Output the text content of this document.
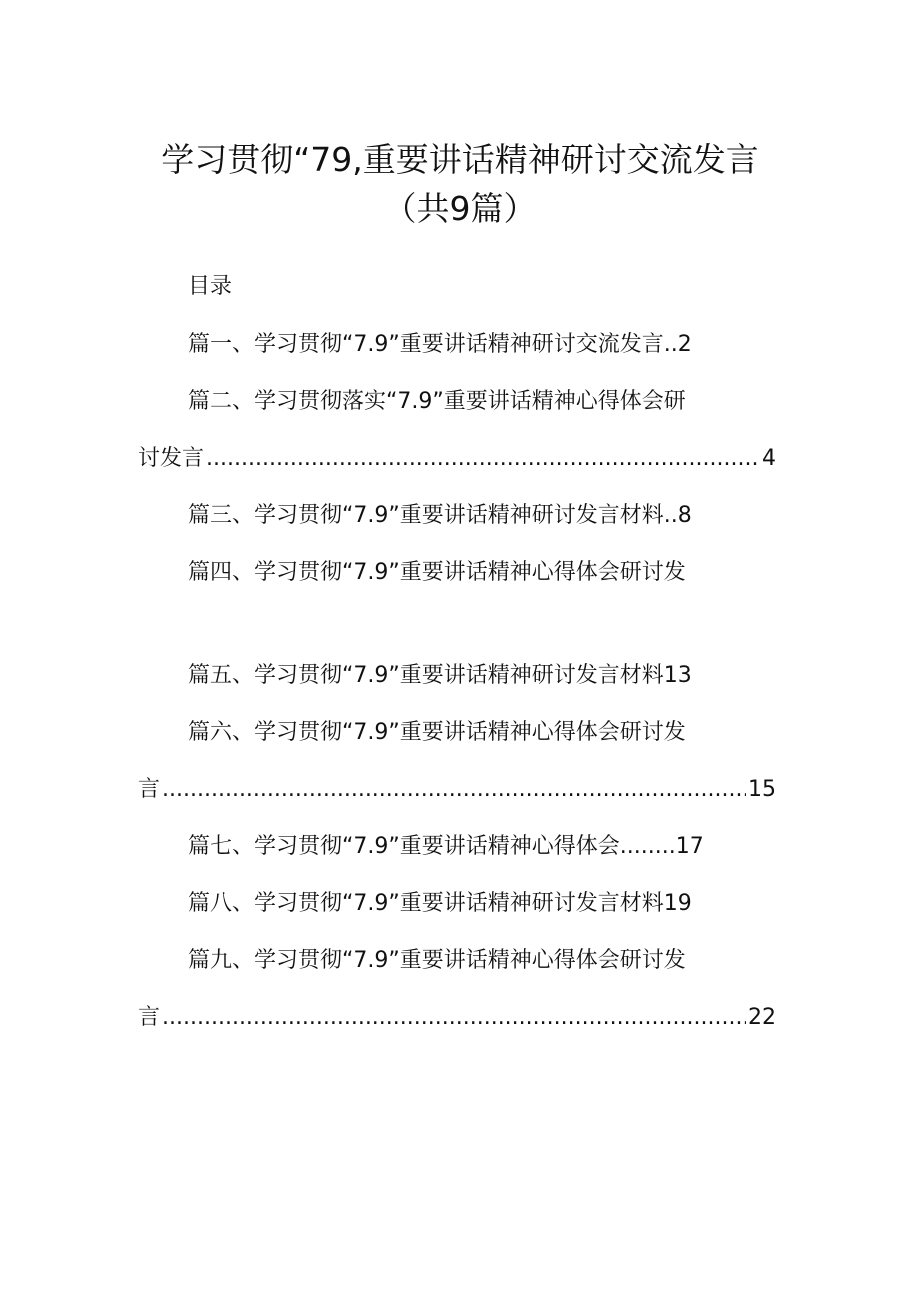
学习贯彻“79,重要讲话精神研讨交流发言
（共9篇）
目录
篇一、学习贯彻“7.9”重要讲话精神研讨交流发言..2
篇二、学习贯彻落实“7.9”重要讲话精神心得体会研
讨发言 .....	4
篇三、学习贯彻“7.9”重要讲话精神研讨发言材料..8
篇四、学习贯彻“7.9”重要讲话精神心得体会研讨发
篇五、学习贯彻“7.9”重要讲话精神研讨发言材料13
篇六、学习贯彻“7.9”重要讲话精神心得体会研讨发
言 .....	15
篇七、学习贯彻“7.9”重要讲话精神心得体会........17
篇八、学习贯彻“7.9”重要讲话精神研讨发言材料19
篇九、学习贯彻“7.9”重要讲话精神心得体会研讨发
言 .....	22
